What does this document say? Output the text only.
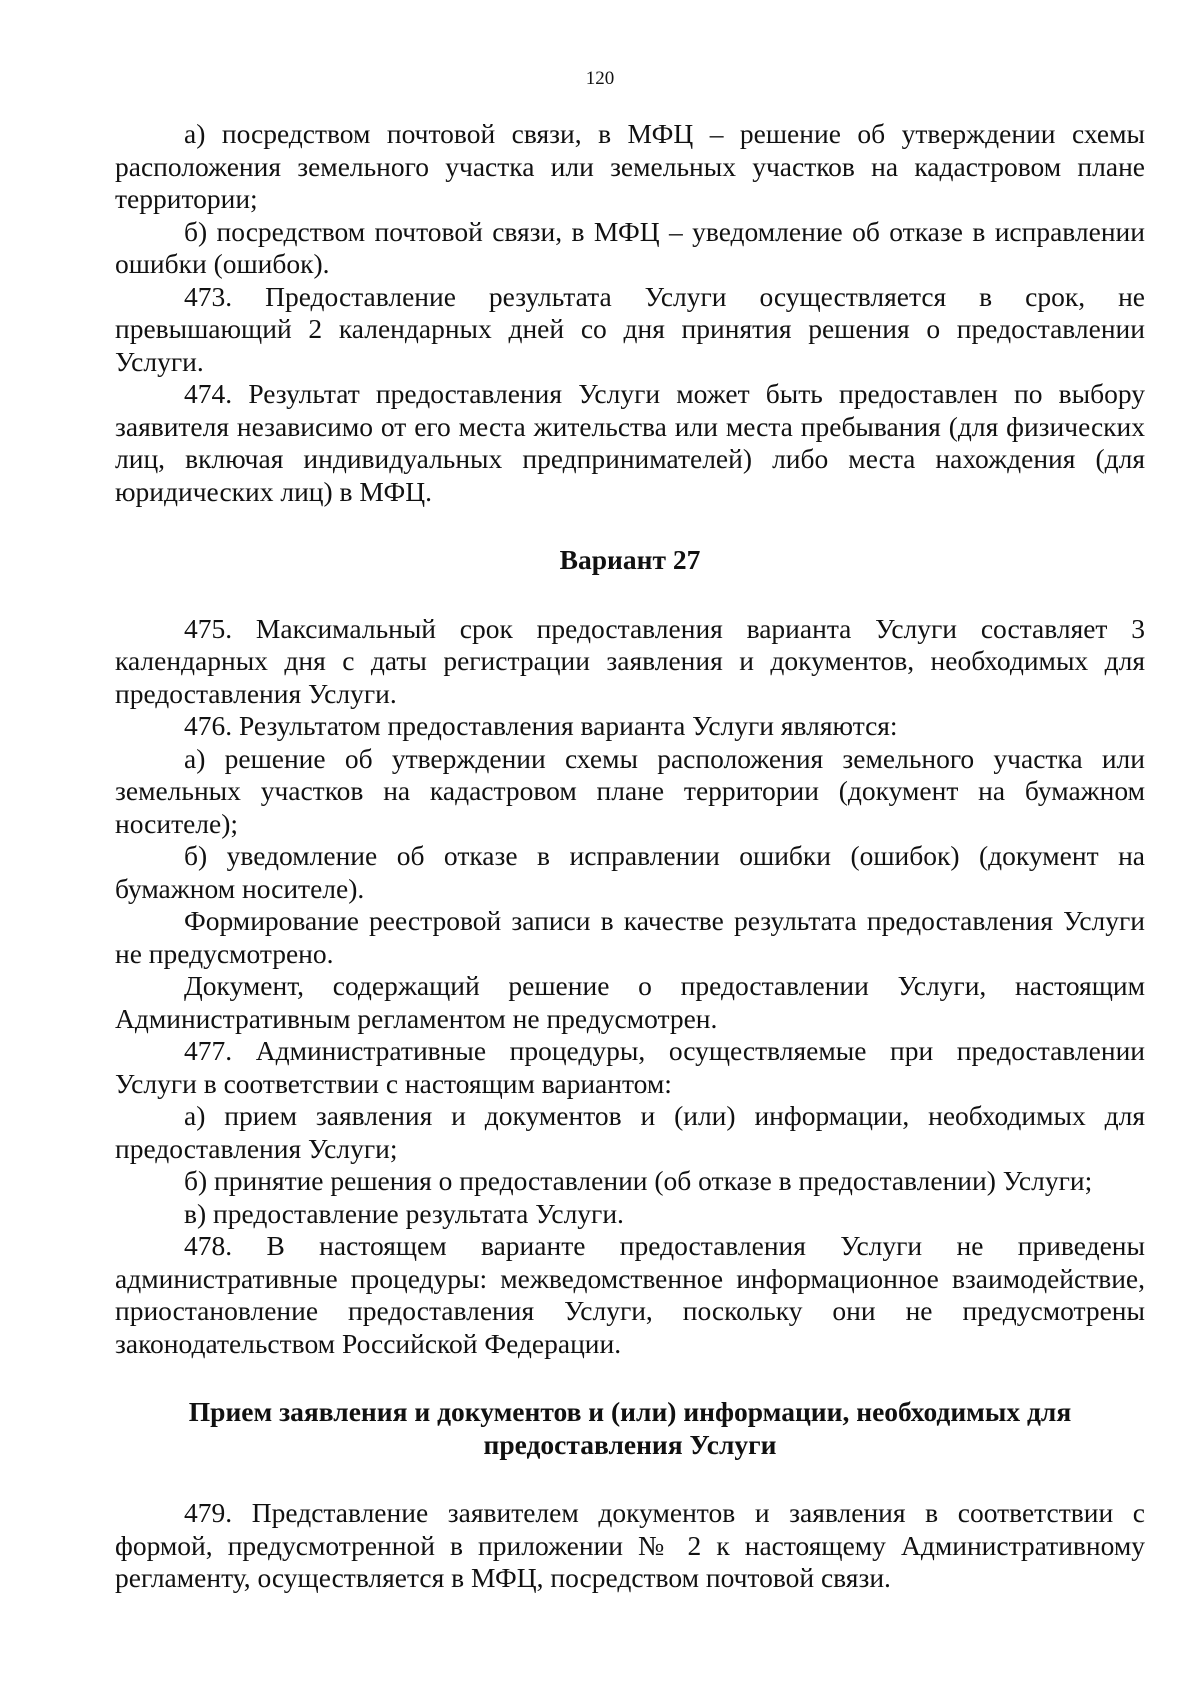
120

а) посредством почтовой связи, в МФЦ – решение об утверждении схемы расположения земельного участка или земельных участков на кадастровом плане территории;

б) посредством почтовой связи, в МФЦ – уведомление об отказе в исправлении ошибки (ошибок).

473. Предоставление результата Услуги осуществляется в срок, не превышающий 2 календарных дней со дня принятия решения о предоставлении Услуги.

474. Результат предоставления Услуги может быть предоставлен по выбору заявителя независимо от его места жительства или места пребывания (для физических лиц, включая индивидуальных предпринимателей) либо места нахождения (для юридических лиц) в МФЦ.

Вариант 27

475. Максимальный срок предоставления варианта Услуги составляет 3 календарных дня с даты регистрации заявления и документов, необходимых для предоставления Услуги.

476. Результатом предоставления варианта Услуги являются:

а) решение об утверждении схемы расположения земельного участка или земельных участков на кадастровом плане территории (документ на бумажном носителе);

б) уведомление об отказе в исправлении ошибки (ошибок) (документ на бумажном носителе).

Формирование реестровой записи в качестве результата предоставления Услуги не предусмотрено.

Документ, содержащий решение о предоставлении Услуги, настоящим Административным регламентом не предусмотрен.

477. Административные процедуры, осуществляемые при предоставлении Услуги в соответствии с настоящим вариантом:

а) прием заявления и документов и (или) информации, необходимых для предоставления Услуги;

б) принятие решения о предоставлении (об отказе в предоставлении) Услуги;

в) предоставление результата Услуги.

478. В настоящем варианте предоставления Услуги не приведены административные процедуры: межведомственное информационное взаимодействие, приостановление предоставления Услуги, поскольку они не предусмотрены законодательством Российской Федерации.

Прием заявления и документов и (или) информации, необходимых для предоставления Услуги

479. Представление заявителем документов и заявления в соответствии с формой, предусмотренной в приложении № 2 к настоящему Административному регламенту, осуществляется в МФЦ, посредством почтовой связи.
